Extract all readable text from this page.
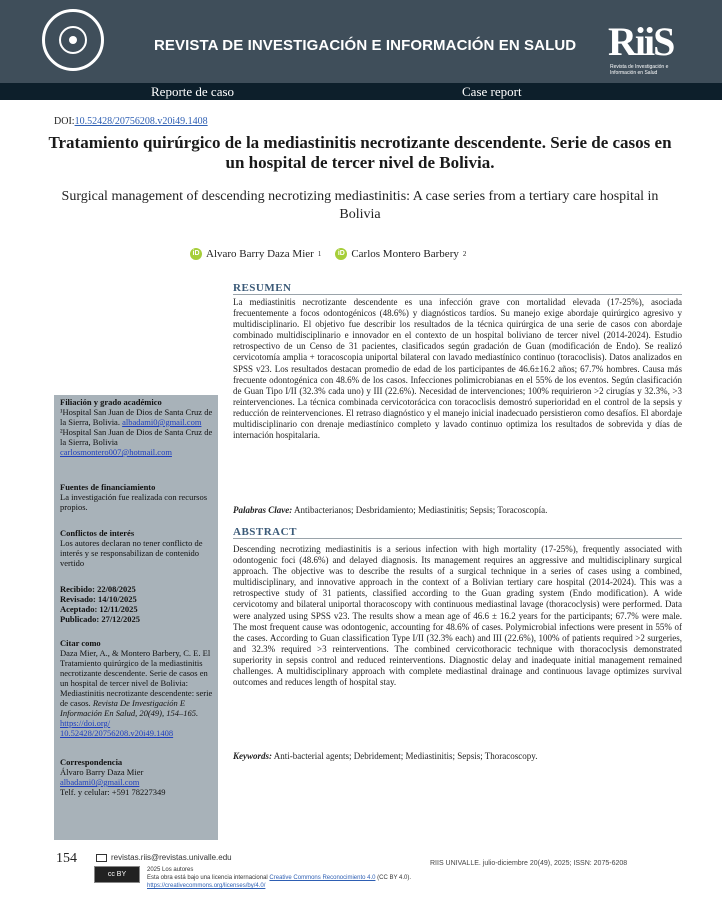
REVISTA DE INVESTIGACIÓN E INFORMACIÓN EN SALUD RiiS
Revista de Investigación e Información en Salud
Reporte de caso	Case report
DOI:10.52428/20756208.v20i49.1408
Tratamiento quirúrgico de la mediastinitis necrotizante descendente. Serie de casos en un hospital de tercer nivel de Bolivia.
Surgical management of descending necrotizing mediastinitis: A case series from a tertiary care hospital in Bolivia
iD Alvaro Barry Daza Mier 1	iD Carlos Montero Barbery 2
Filiación y grado académico
¹Hospital San Juan de Dios de Santa Cruz de la Sierra, Bolivia. albadami0@gmail.com
²Hospital San Juan de Dios de Santa Cruz de la Sierra, Bolivia
carlosmontero007@hotmail.com
Fuentes de financiamiento
La investigación fue realizada con recursos propios.
Conflictos de interés
Los autores declaran no tener conflicto de interés y se responsabilizan de contenido vertido
Recibido: 22/08/2025
Revisado: 14/10/2025
Aceptado: 12/11/2025
Publicado: 27/12/2025
Citar como
Daza Mier, A., & Montero Barbery, C. E. El Tratamiento quirúrgico de la mediastinitis necrotizante descendente. Serie de casos en un hospital de tercer nivel de Bolivia: Mediastinitis necrotizante descendente: serie de casos. Revista De Investigación E Información En Salud, 20(49), 154–165. https://doi.org/ 10.52428/20756208.v20i49.1408
Correspondencia
Álvaro Barry Daza Mier
albadami0@gmail.com
Telf. y celular: +591 78227349
RESUMEN
La mediastinitis necrotizante descendente es una infección grave con mortalidad elevada (17-25%), asociada frecuentemente a focos odontogénicos (48.6%) y diagnósticos tardíos. Su manejo exige abordaje quirúrgico agresivo y multidisciplinario. El objetivo fue describir los resultados de la técnica quirúrgica de una serie de casos con abordaje combinado multidisciplinario e innovador en el contexto de un hospital boliviano de tercer nivel (2014-2024). Estudio retrospectivo de un Censo de 31 pacientes, clasificados según gradación de Guan (modificación de Endo). Se realizó cervicotomía amplia + toracoscopia uniportal bilateral con lavado mediastínico continuo (toracoclisis). Datos analizados en SPSS v23. Los resultados destacan promedio de edad de los participantes de 46.6±16.2 años; 67.7% hombres. Causa más frecuente odontogénica con 48.6% de los casos. Infecciones polimicrobianas en el 55% de los eventos. Según clasificación de Guan Tipo I/II (32.3% cada uno) y III (22.6%). Necesidad de intervenciones; 100% requirieron >2 cirugías y 32.3%, >3 reintervenciones. La técnica combinada cervicotorácica con toracoclisis demostró superioridad en el control de la sepsis y reducción de reintervenciones. El retraso diagnóstico y el manejo inicial inadecuado persistieron como desafíos. El abordaje multidisciplinario con drenaje mediastínico completo y lavado continuo optimiza los resultados de sobrevida y días de internación hospitalaria.
Palabras Clave: Antibacterianos; Desbridamiento; Mediastinitis; Sepsis; Toracoscopía.
ABSTRACT
Descending necrotizing mediastinitis is a serious infection with high mortality (17-25%), frequently associated with odontogenic foci (48.6%) and delayed diagnosis. Its management requires an aggressive and multidisciplinary surgical approach. The objective was to describe the results of a surgical technique in a series of cases using a combined, multidisciplinary, and innovative approach in the context of a Bolivian tertiary care hospital (2014-2024). This was a retrospective study of 31 patients, classified according to the Guan grading system (Endo modification). A wide cervicotomy and bilateral uniportal thoracoscopy with continuous mediastinal lavage (thoracoclysis) were performed. Data were analyzed using SPSS v23. The results show a mean age of 46.6 ± 16.2 years for the participants; 67.7% were male. The most frequent cause was odontogenic, accounting for 48.6% of cases. Polymicrobial infections were present in 55% of the cases. According to Guan classification Type I/II (32.3% each) and III (22.6%), 100% of patients required >2 surgeries, and 32.3% required >3 reinterventions. The combined cervicothoracic technique with thoracoclysis demonstrated superiority in sepsis control and reduced reinterventions. Diagnostic delay and inadequate initial management remained challenges. A multidisciplinary approach with complete mediastinal drainage and continuous lavage optimizes survival outcomes and reduces length of hospital stay.
Keywords: Anti-bacterial agents; Debridement; Mediastinitis; Sepsis; Thoracoscopy.
154	revistas.riis@revistas.univalle.edu
RIIS UNIVALLE. julio-diciembre 20(49), 2025; ISSN: 2075-6208
cc BY
2025 Los autores
Esta obra está bajo una licencia internacional Creative Commons Reconocimiento 4.0 (CC BY 4.0).
https://creativecommons.org/licenses/by/4.0/
